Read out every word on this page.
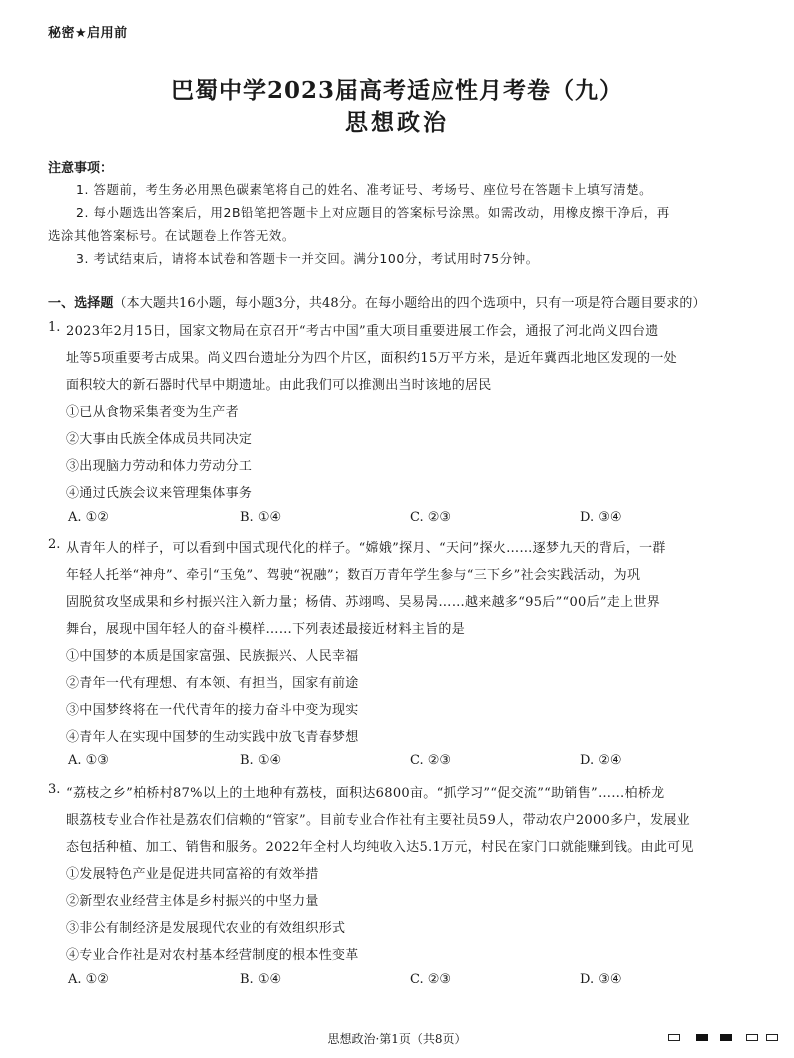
秘密★启用前
巴蜀中学2023届高考适应性月考卷（九）
思想政治
注意事项：
1. 答题前，考生务必用黑色碳素笔将自己的姓名、准考证号、考场号、座位号在答题卡上填写清楚。
2. 每小题选出答案后，用2B铅笔把答题卡上对应题目的答案标号涂黑。如需改动，用橡皮擦干净后，再
选涂其他答案标号。在试题卷上作答无效。
3. 考试结束后，请将本试卷和答题卡一并交回。满分100分，考试用时75分钟。
一、选择题（本大题共16小题，每小题3分，共48分。在每小题给出的四个选项中，只有一项是符合题目要求的）
1. 2023年2月15日，国家文物局在京召开“考古中国”重大项目重要进展工作会，通报了河北尚义四台遗
址等5项重要考古成果。尚义四台遗址分为四个片区，面积约15万平方米，是近年冀西北地区发现的一处
面积较大的新石器时代早中期遗址。由此我们可以推测出当时该地的居民
①已从食物采集者变为生产者
②大事由氏族全体成员共同决定
③出现脑力劳动和体力劳动分工
④通过氏族会议来管理集体事务
A. ①②	B. ①④	C. ②③	D. ③④
2. 从青年人的样子，可以看到中国式现代化的样子。“嫦娥”探月、“天问”探火……逐梦九天的背后，一群
年轻人托举“神舟”、牵引“玉兔”、驾驶“祝融”；数百万青年学生参与“三下乡”社会实践活动，为巩
固脱贫攻坚成果和乡村振兴注入新力量；杨倩、苏翊鸣、吴易昺……越来越多“95后”“00后”走上世界
舞台，展现中国年轻人的奋斗模样……下列表述最接近材料主旨的是
①中国梦的本质是国家富强、民族振兴、人民幸福
②青年一代有理想、有本领、有担当，国家有前途
③中国梦终将在一代代青年的接力奋斗中变为现实
④青年人在实现中国梦的生动实践中放飞青春梦想
A. ①③	B. ①④	C. ②③	D. ②④
3. “荔枝之乡”柏桥村87%以上的土地种有荔枝，面积达6800亩。“抓学习”“促交流”“助销售”……柏桥龙
眼荔枝专业合作社是荔农们信赖的“管家”。目前专业合作社有主要社员59人，带动农户2000多户，发展业
态包括种植、加工、销售和服务。2022年全村人均纯收入达5.1万元，村民在家门口就能赚到钱。由此可见
①发展特色产业是促进共同富裕的有效举措
②新型农业经营主体是乡村振兴的中坚力量
③非公有制经济是发展现代农业的有效组织形式
④专业合作社是对农村基本经营制度的根本性变革
A. ①②	B. ①④	C. ②③	D. ③④
思想政治·第1页（共8页）
